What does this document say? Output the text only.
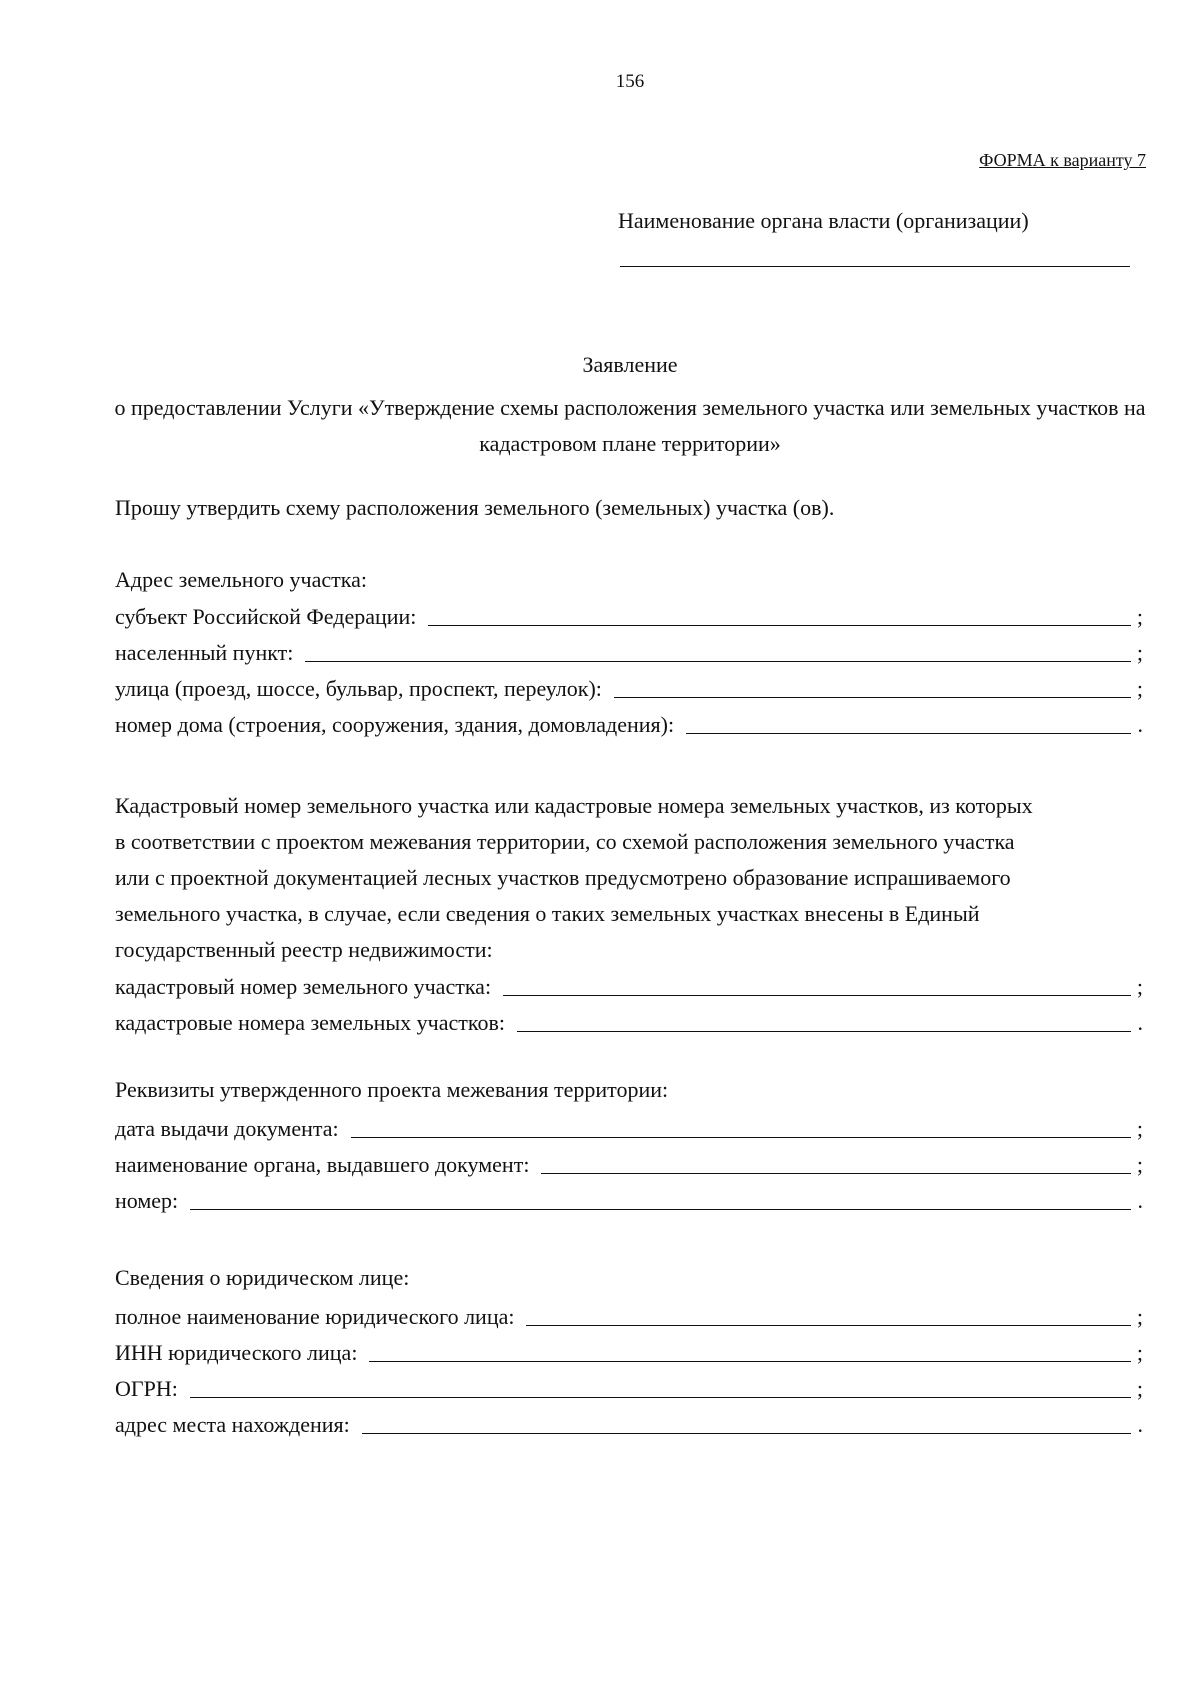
156
ФОРМА к варианту 7
Наименование органа власти (организации)
Заявление
о предоставлении Услуги «Утверждение схемы расположения земельного участка или земельных участков на кадастровом плане территории»
Прошу утвердить схему расположения земельного (земельных) участка (ов).
Адрес земельного участка:
субъект Российской Федерации:	;
населенный пункт:	;
улица (проезд, шоссе, бульвар, проспект, переулок):	;
номер дома (строения, сооружения, здания, домовладения):	.
Кадастровый номер земельного участка или кадастровые номера земельных участков, из которых
в соответствии с проектом межевания территории, со схемой расположения земельного участка
или с проектной документацией лесных участков предусмотрено образование испрашиваемого
земельного участка, в случае, если сведения о таких земельных участках внесены в Единый
государственный реестр недвижимости:
кадастровый номер земельного участка:	;
кадастровые номера земельных участков:	.
Реквизиты утвержденного проекта межевания территории:
дата выдачи документа:	;
наименование органа, выдавшего документ:	;
номер:	.
Сведения о юридическом лице:
полное наименование юридического лица:	;
ИНН юридического лица:	;
ОГРН:	;
адрес места нахождения:	.
